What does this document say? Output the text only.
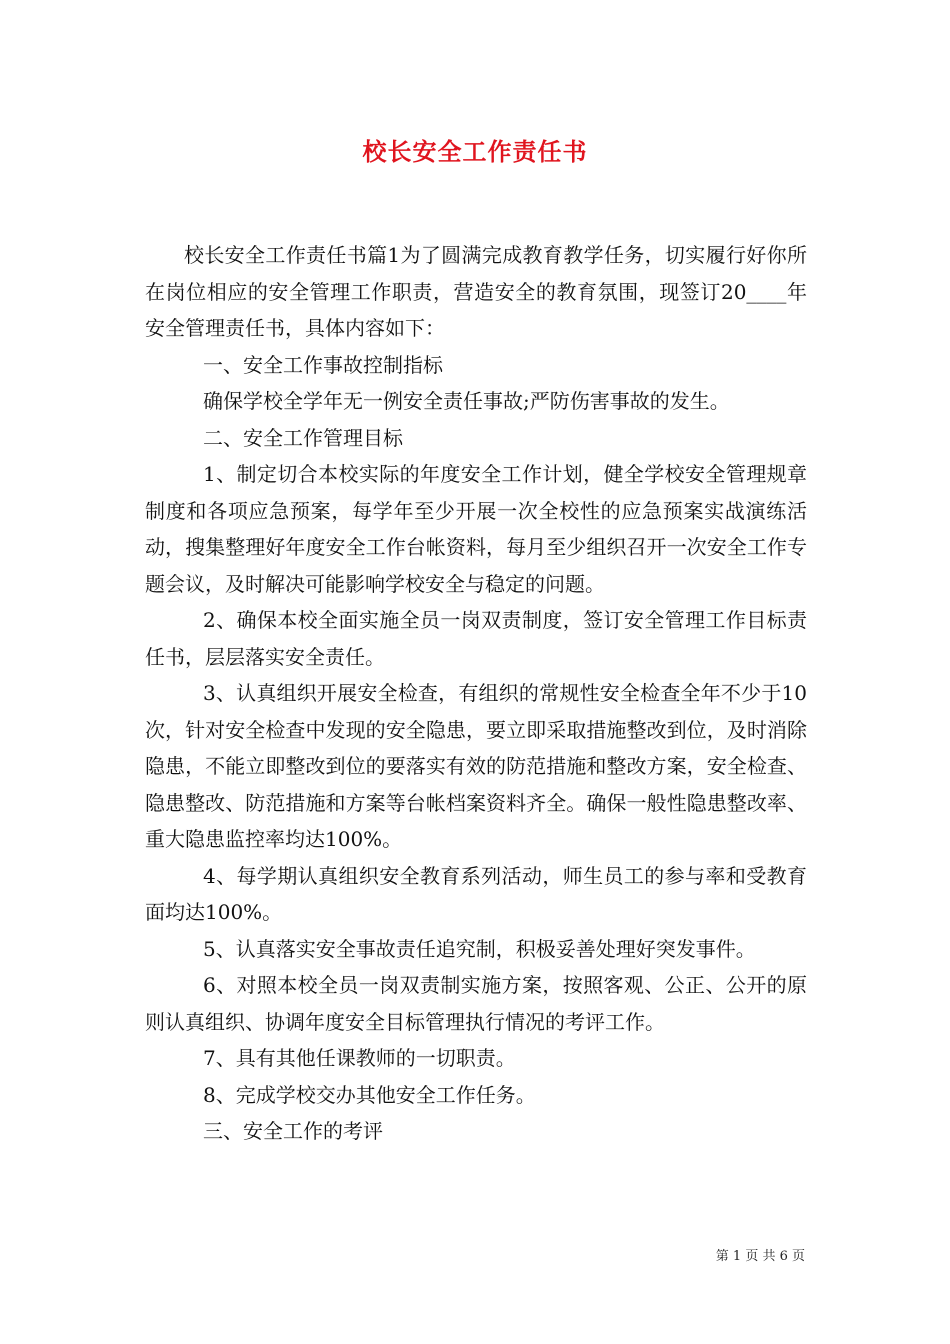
校长安全工作责任书

校长安全工作责任书篇1为了圆满完成教育教学任务，切实履行好你所在岗位相应的安全管理工作职责，营造安全的教育氛围，现签订20____年安全管理责任书，具体内容如下：

一、安全工作事故控制指标

确保学校全学年无一例安全责任事故;严防伤害事故的发生。

二、安全工作管理目标

1、制定切合本校实际的年度安全工作计划，健全学校安全管理规章制度和各项应急预案，每学年至少开展一次全校性的应急预案实战演练活动，搜集整理好年度安全工作台帐资料，每月至少组织召开一次安全工作专题会议，及时解决可能影响学校安全与稳定的问题。

2、确保本校全面实施全员一岗双责制度，签订安全管理工作目标责任书，层层落实安全责任。

3、认真组织开展安全检查，有组织的常规性安全检查全年不少于10次，针对安全检查中发现的安全隐患，要立即采取措施整改到位，及时消除隐患，不能立即整改到位的要落实有效的防范措施和整改方案，安全检查、隐患整改、防范措施和方案等台帐档案资料齐全。确保一般性隐患整改率、重大隐患监控率均达100%。

4、每学期认真组织安全教育系列活动，师生员工的参与率和受教育面均达100%。

5、认真落实安全事故责任追究制，积极妥善处理好突发事件。

6、对照本校全员一岗双责制实施方案，按照客观、公正、公开的原则认真组织、协调年度安全目标管理执行情况的考评工作。

7、具有其他任课教师的一切职责。

8、完成学校交办其他安全工作任务。

三、安全工作的考评

第 1 页 共 6 页
